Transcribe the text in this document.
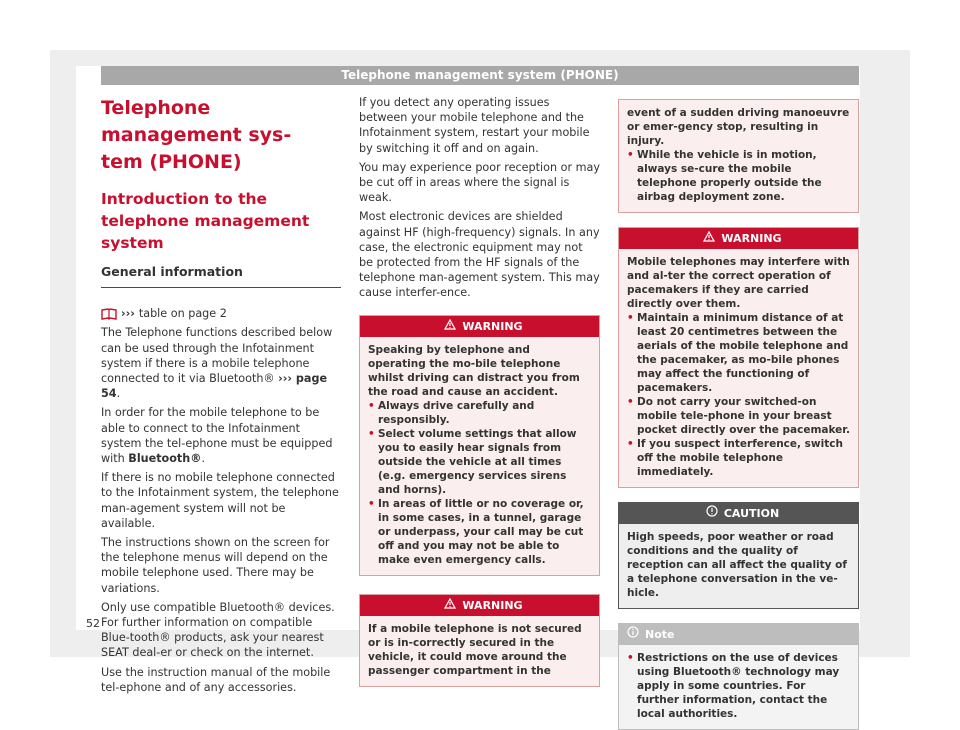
Telephone management system (PHONE)
Telephone management sys-
tem (PHONE)
Introduction to the telephone management system
General information
››› table on page 2

The Telephone functions described below can be used through the Infotainment system if there is a mobile telephone connected to it via Bluetooth® ››› page 54.

In order for the mobile telephone to be able to connect to the Infotainment system the tel-ephone must be equipped with Bluetooth®.

If there is no mobile telephone connected to the Infotainment system, the telephone man-agement system will not be available.

The instructions shown on the screen for the telephone menus will depend on the mobile telephone used. There may be variations.

Only use compatible Bluetooth® devices. For further information on compatible Blue-tooth® products, ask your nearest SEAT deal-er or check on the internet.

Use the instruction manual of the mobile tel-ephone and of any accessories.

If you detect any operating issues between your mobile telephone and the Infotainment system, restart your mobile by switching it off and on again.

You may experience poor reception or may be cut off in areas where the signal is weak.

Most electronic devices are shielded against HF (high-frequency) signals. In any case, the electronic equipment may not be protected from the HF signals of the telephone man-agement system. This may cause interfer-ence.

WARNING
Speaking by telephone and operating the mo-bile telephone whilst driving can distract you from the road and cause an accident.
• Always drive carefully and responsibly.
• Select volume settings that allow you to easily hear signals from outside the vehicle at all times (e.g. emergency services sirens and horns).
• In areas of little or no coverage or, in some cases, in a tunnel, garage or underpass, your call may be cut off and you may not be able to make even emergency calls.
WARNING
If a mobile telephone is not secured or is in-correctly secured in the vehicle, it could move around the passenger compartment in the
event of a sudden driving manoeuvre or emer-gency stop, resulting in injury.
• While the vehicle is in motion, always se-cure the mobile telephone properly outside the airbag deployment zone.
WARNING
Mobile telephones may interfere with and al-ter the correct operation of pacemakers if they are carried directly over them.
• Maintain a minimum distance of at least 20 centimetres between the aerials of the mobile telephone and the pacemaker, as mo-bile phones may affect the functioning of pacemakers.
• Do not carry your switched-on mobile tele-phone in your breast pocket directly over the pacemaker.
• If you suspect interference, switch off the mobile telephone immediately.
CAUTION
High speeds, poor weather or road conditions and the quality of reception can all affect the quality of a telephone conversation in the ve-hicle.
Note
• Restrictions on the use of devices using Bluetooth® technology may apply in some countries. For further information, contact the local authorities.
52
